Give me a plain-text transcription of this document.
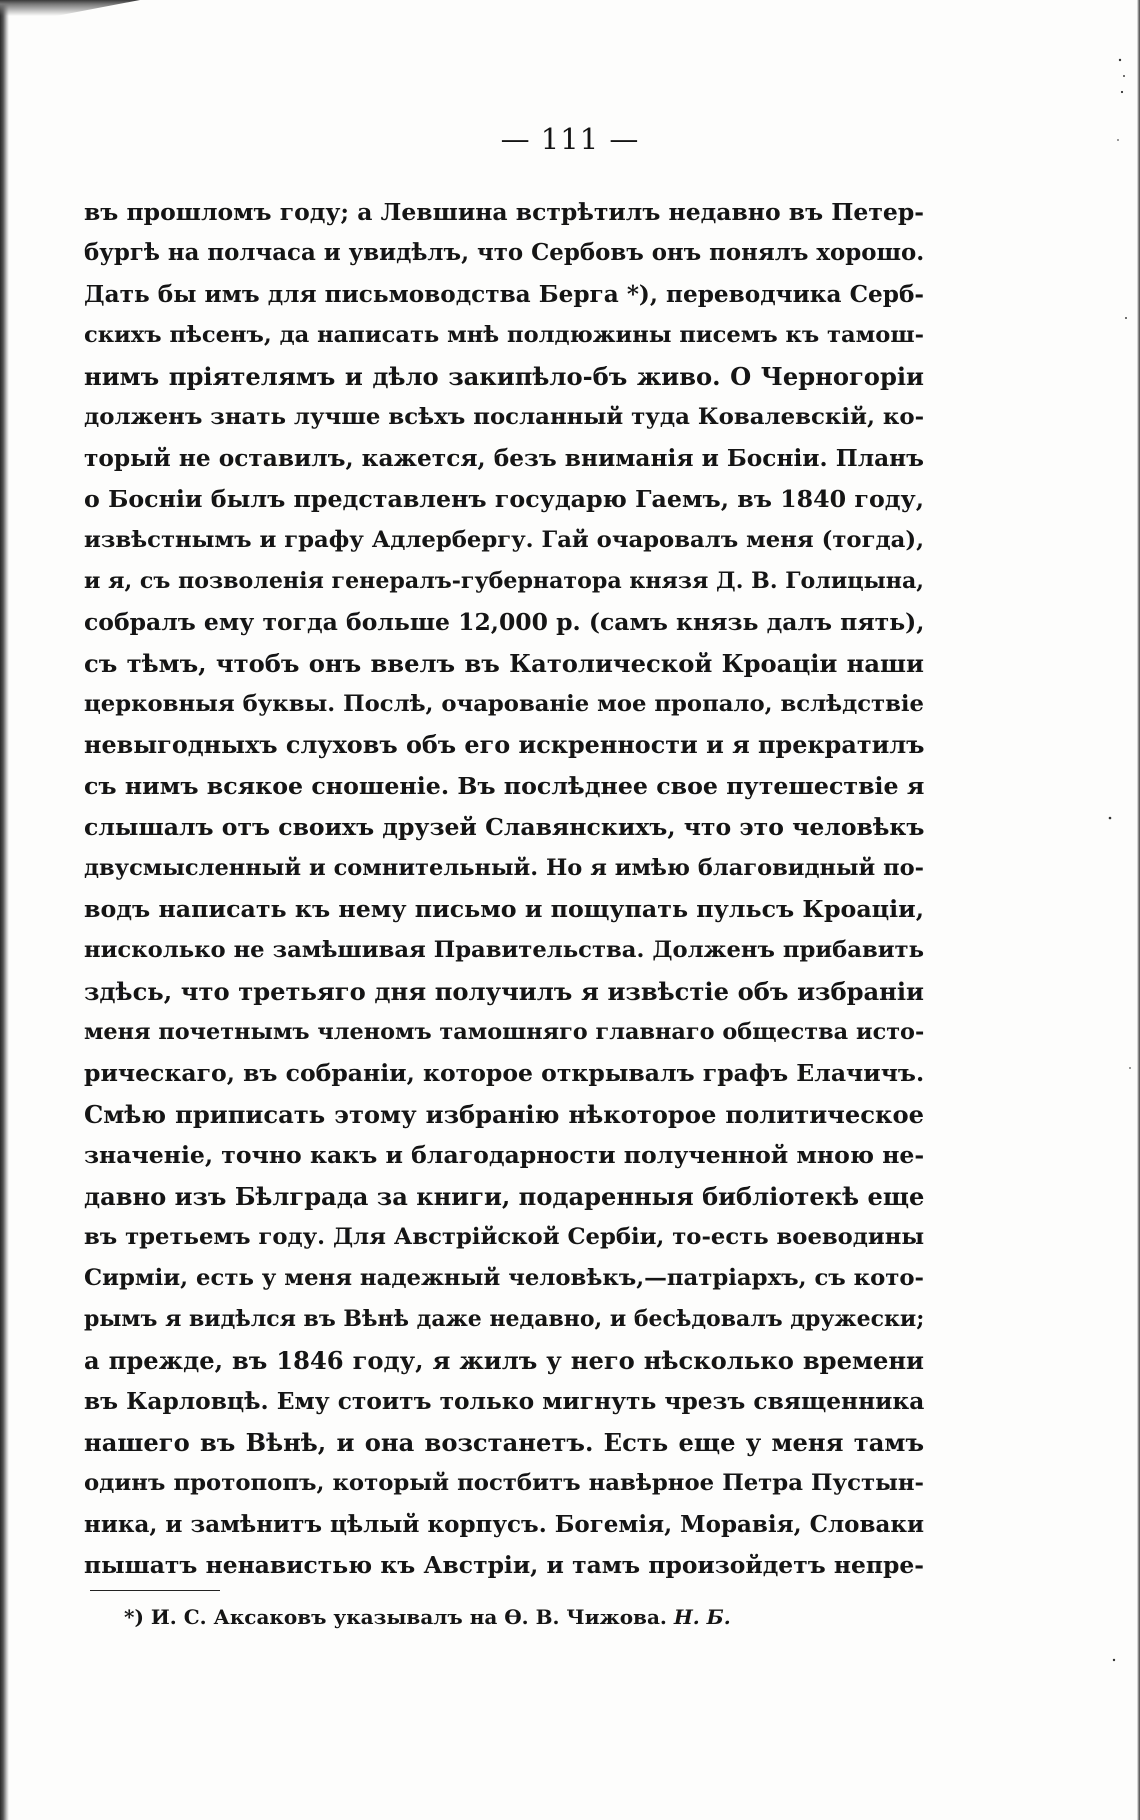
— 111 —
въ прошломъ году; а Левшина встрѣтилъ недавно въ Петер-
бургѣ на полчаса и увидѣлъ, что Сербовъ онъ понялъ хорошо.
Дать бы имъ для письмоводства Берга *), переводчика Серб-
скихъ пѣсенъ, да написать мнѣ полдюжины писемъ къ тамош-
нимъ пріятелямъ и дѣло закипѣло-бъ живо. О Черногоріи
долженъ знать лучше всѣхъ посланный туда Ковалевскій, ко-
торый не оставилъ, кажется, безъ вниманія и Босніи. Планъ
о Босніи былъ представленъ государю Гаемъ, въ 1840 году,
извѣстнымъ и графу Адлербергу. Гай очаровалъ меня (тогда),
и я, съ позволенія генералъ-губернатора князя Д. В. Голицына,
собралъ ему тогда больше 12,000 р. (самъ князь далъ пять),
съ тѣмъ, чтобъ онъ ввелъ въ Католической Кроаціи наши
церковныя буквы. Послѣ, очарованіе мое пропало, вслѣдствіе
невыгодныхъ слуховъ объ его искренности и я прекратилъ
съ нимъ всякое сношеніе. Въ послѣднее свое путешествіе я
слышалъ отъ своихъ друзей Славянскихъ, что это человѣкъ
двусмысленный и сомнительный. Но я имѣю благовидный по-
водъ написать къ нему письмо и пощупать пульсъ Кроаціи,
нисколько не замѣшивая Правительства. Долженъ прибавить
здѣсь, что третьяго дня получилъ я извѣстіе объ избраніи
меня почетнымъ членомъ тамошняго главнаго общества исто-
рическаго, въ собраніи, которое открывалъ графъ Елачичъ.
Смѣю приписать этому избранію нѣкоторое политическое
значеніе, точно какъ и благодарности полученной мною не-
давно изъ Бѣлграда за книги, подаренныя библіотекѣ еще
въ третьемъ году. Для Австрійской Сербіи, то-есть воеводины
Сирміи, есть у меня надежный человѣкъ,—патріархъ, съ кото-
рымъ я видѣлся въ Вѣнѣ даже недавно, и бесѣдовалъ дружески;
а прежде, въ 1846 году, я жилъ у него нѣсколько времени
въ Карловцѣ. Ему стоитъ только мигнуть чрезъ священника
нашего въ Вѣнѣ, и она возстанетъ. Есть еще у меня тамъ
одинъ протопопъ, который постбитъ навѣрное Петра Пустын-
ника, и замѣнитъ цѣлый корпусъ. Богемія, Моравія, Словаки
пышатъ ненавистью къ Австріи, и тамъ произойдетъ непре-
*) И. С. Аксаковъ указывалъ на Ѳ. В. Чижова. Н. Б.
